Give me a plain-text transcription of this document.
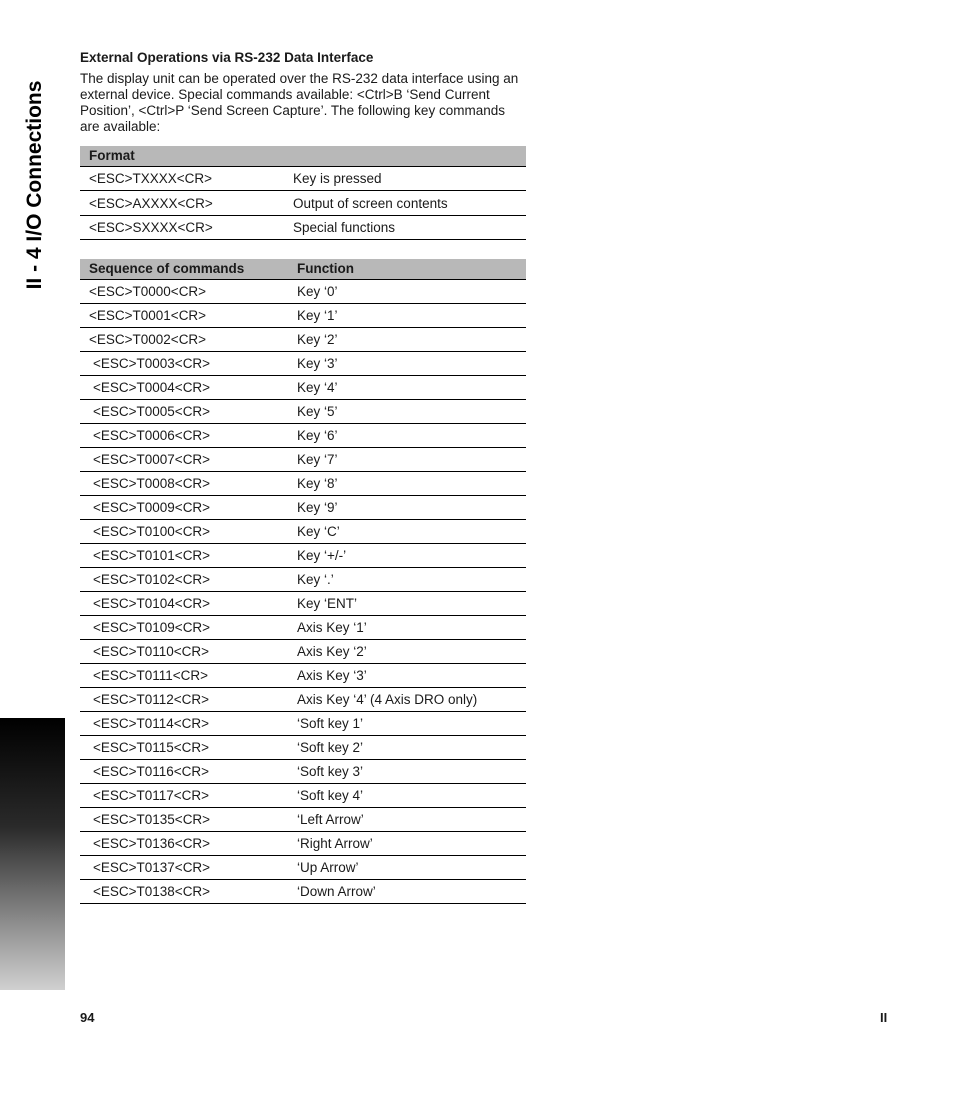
II - 4 I/O Connections
External Operations via RS-232 Data Interface
The display unit can be operated over the RS-232 data interface using an external device. Special commands available: <Ctrl>B ‘Send Current Position’, <Ctrl>P ‘Send Screen Capture’. The following key commands are available:
Format	
<ESC>TXXXX<CR>	Key is pressed
<ESC>AXXXX<CR>	Output of screen contents
<ESC>SXXXX<CR>	Special functions
Sequence of commands	Function
<ESC>T0000<CR>	Key ‘0’
<ESC>T0001<CR>	Key ‘1’
<ESC>T0002<CR>	Key ‘2’
<ESC>T0003<CR>	Key ‘3’
<ESC>T0004<CR>	Key ‘4’
<ESC>T0005<CR>	Key ‘5’
<ESC>T0006<CR>	Key ‘6’
<ESC>T0007<CR>	Key ‘7’
<ESC>T0008<CR>	Key ‘8’
<ESC>T0009<CR>	Key ‘9’
<ESC>T0100<CR>	Key ‘C’
<ESC>T0101<CR>	Key ‘+/-’
<ESC>T0102<CR>	Key ‘.’
<ESC>T0104<CR>	Key ‘ENT’
<ESC>T0109<CR>	Axis Key ‘1’
<ESC>T0110<CR>	Axis Key ‘2’
<ESC>T0111<CR>	Axis Key ‘3’
<ESC>T0112<CR>	Axis Key ‘4’ (4 Axis DRO only)
<ESC>T0114<CR>	‘Soft key 1’
<ESC>T0115<CR>	‘Soft key 2’
<ESC>T0116<CR>	‘Soft key 3’
<ESC>T0117<CR>	‘Soft key 4’
<ESC>T0135<CR>	‘Left Arrow’
<ESC>T0136<CR>	‘Right Arrow’
<ESC>T0137<CR>	‘Up Arrow’
<ESC>T0138<CR>	‘Down Arrow’
94	II
